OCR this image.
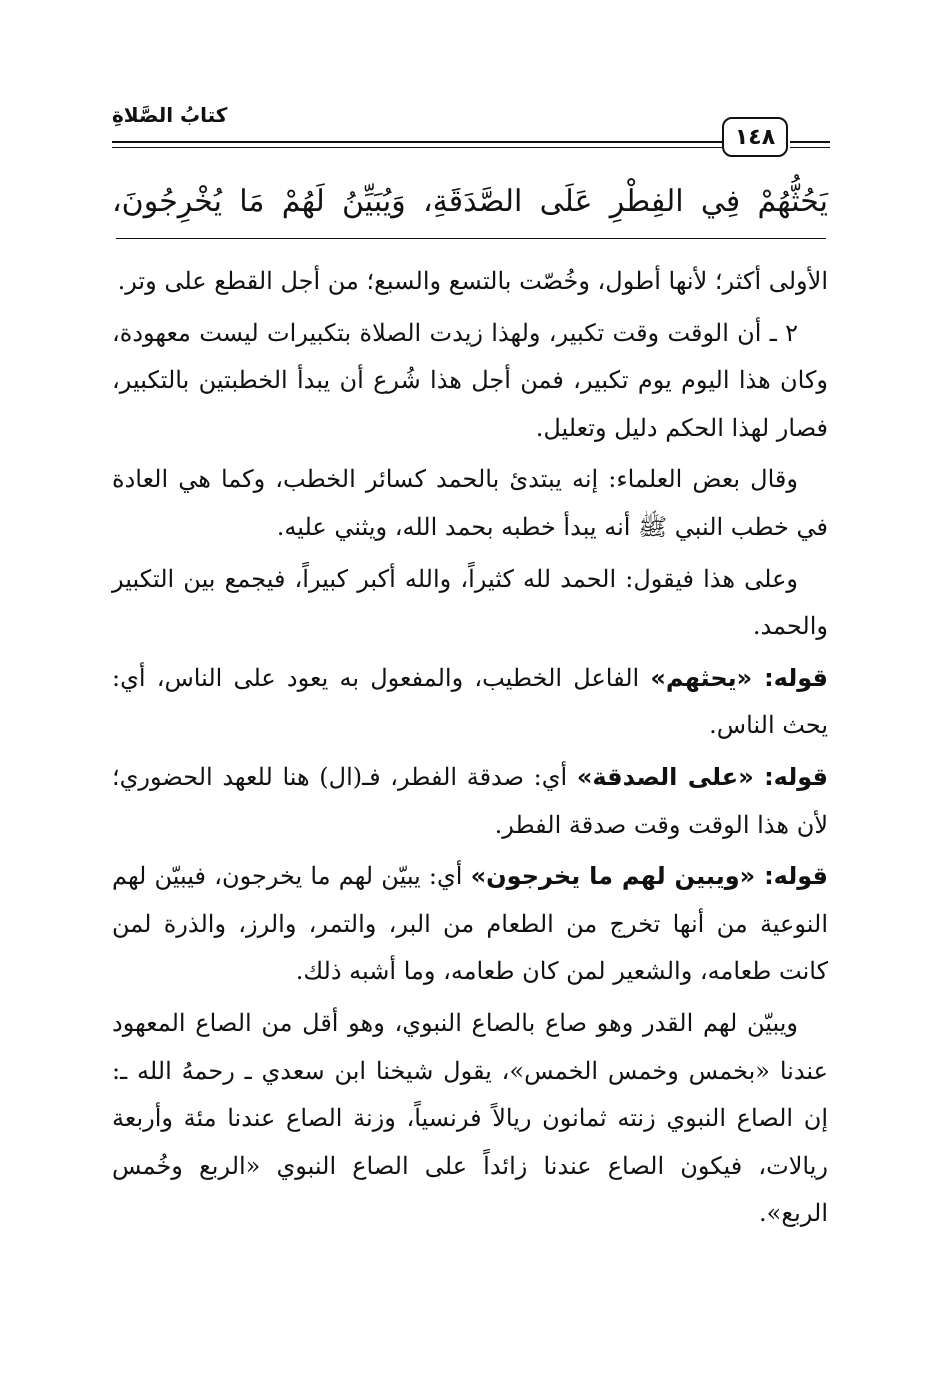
كتابُ الصَّلاةِ
١٤٨
يَحُثُّهُمْ فِي الفِطْرِ عَلَى الصَّدَقَةِ، وَيُبَيِّنُ لَهُمْ مَا يُخْرِجُونَ،

الأولى أكثر؛ لأنها أطول، وخُصّت بالتسع والسبع؛ من أجل القطع على وتر.

٢ ـ أن الوقت وقت تكبير، ولهذا زيدت الصلاة بتكبيرات ليست معهودة، وكان هذا اليوم يوم تكبير، فمن أجل هذا شُرع أن يبدأ الخطبتين بالتكبير، فصار لهذا الحكم دليل وتعليل.

وقال بعض العلماء: إنه يبتدئ بالحمد كسائر الخطب، وكما هي العادة في خطب النبي ﷺ أنه يبدأ خطبه بحمد الله، ويثني عليه.

وعلى هذا فيقول: الحمد لله كثيراً، والله أكبر كبيراً، فيجمع بين التكبير والحمد.

قوله: «يحثهم» الفاعل الخطيب، والمفعول به يعود على الناس، أي: يحث الناس.

قوله: «على الصدقة» أي: صدقة الفطر، فـ(ال) هنا للعهد الحضوري؛ لأن هذا الوقت وقت صدقة الفطر.

قوله: «ويبين لهم ما يخرجون» أي: يبيّن لهم ما يخرجون، فيبيّن لهم النوعية من أنها تخرج من الطعام من البر، والتمر، والرز، والذرة لمن كانت طعامه، والشعير لمن كان طعامه، وما أشبه ذلك.

ويبيّن لهم القدر وهو صاع بالصاع النبوي، وهو أقل من الصاع المعهود عندنا «بخمس وخمس الخمس»، يقول شيخنا ابن سعدي ـ رحمهُ الله ـ: إن الصاع النبوي زنته ثمانون ريالاً فرنسياً، وزنة الصاع عندنا مئة وأربعة ريالات، فيكون الصاع عندنا زائداً على الصاع النبوي «الربع وخُمس الربع».
